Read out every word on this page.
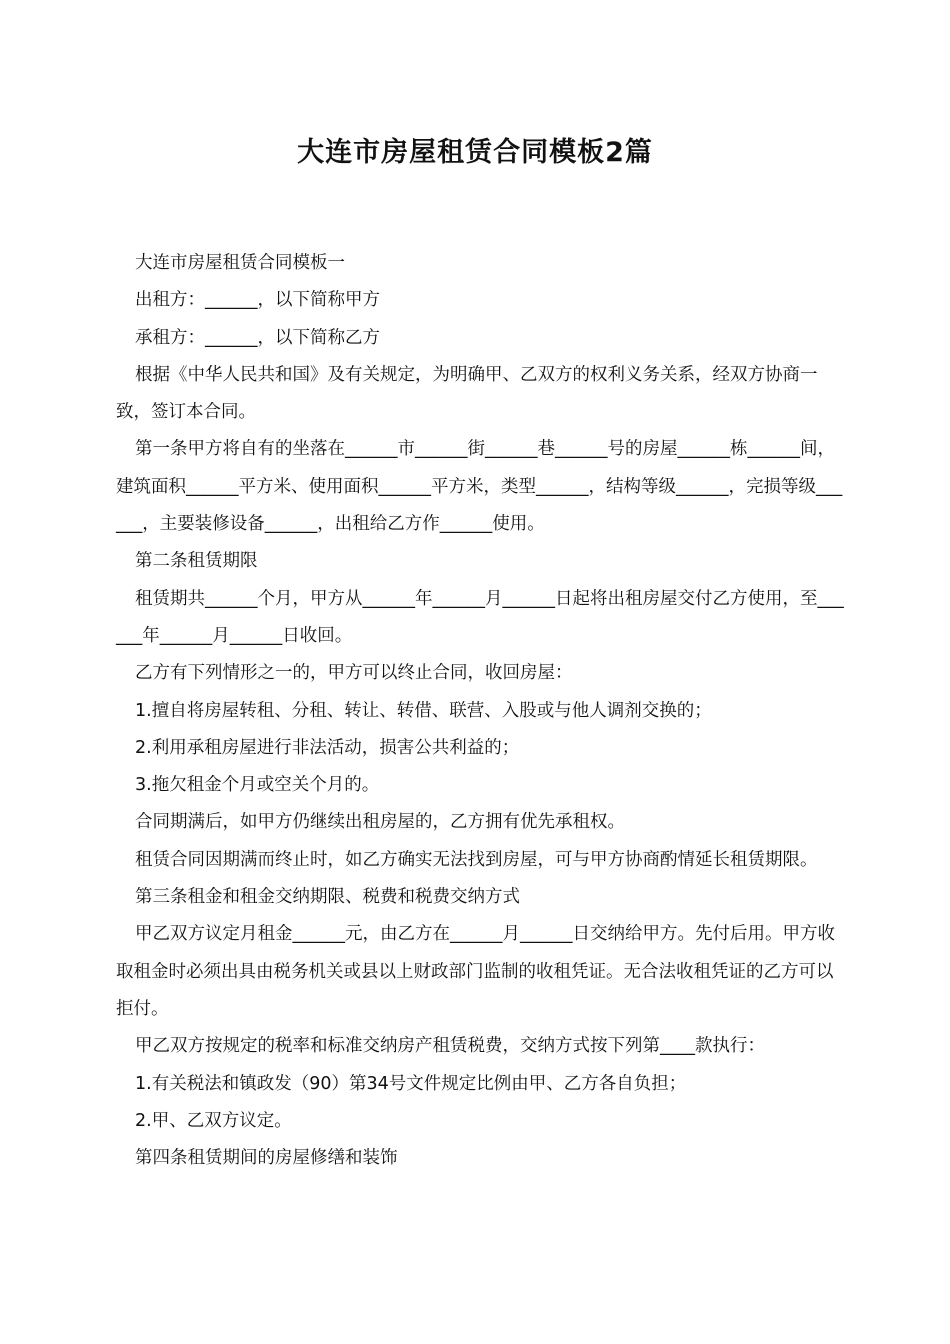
大连市房屋租赁合同模板2篇

大连市房屋租赁合同模板一

出租方：______，以下简称甲方

承租方：______，以下简称乙方

根据《中华人民共和国》及有关规定，为明确甲、乙双方的权利义务关系，经双方协商一致，签订本合同。

第一条甲方将自有的坐落在______市______街______巷______号的房屋______栋______间，建筑面积______平方米、使用面积______平方米，类型______，结构等级______，完损等级______，主要装修设备______，出租给乙方作______使用。

第二条租赁期限

租赁期共______个月，甲方从______年______月______日起将出租房屋交付乙方使用，至______年______月______日收回。

乙方有下列情形之一的，甲方可以终止合同，收回房屋：

1.擅自将房屋转租、分租、转让、转借、联营、入股或与他人调剂交换的；

2.利用承租房屋进行非法活动，损害公共利益的；

3.拖欠租金个月或空关个月的。

合同期满后，如甲方仍继续出租房屋的，乙方拥有优先承租权。

租赁合同因期满而终止时，如乙方确实无法找到房屋，可与甲方协商酌情延长租赁期限。

第三条租金和租金交纳期限、税费和税费交纳方式

甲乙双方议定月租金______元，由乙方在______月______日交纳给甲方。先付后用。甲方收取租金时必须出具由税务机关或县以上财政部门监制的收租凭证。无合法收租凭证的乙方可以拒付。

甲乙双方按规定的税率和标准交纳房产租赁税费，交纳方式按下列第____款执行：

1.有关税法和镇政发（90）第34号文件规定比例由甲、乙方各自负担；

2.甲、乙双方议定。

第四条租赁期间的房屋修缮和装饰
